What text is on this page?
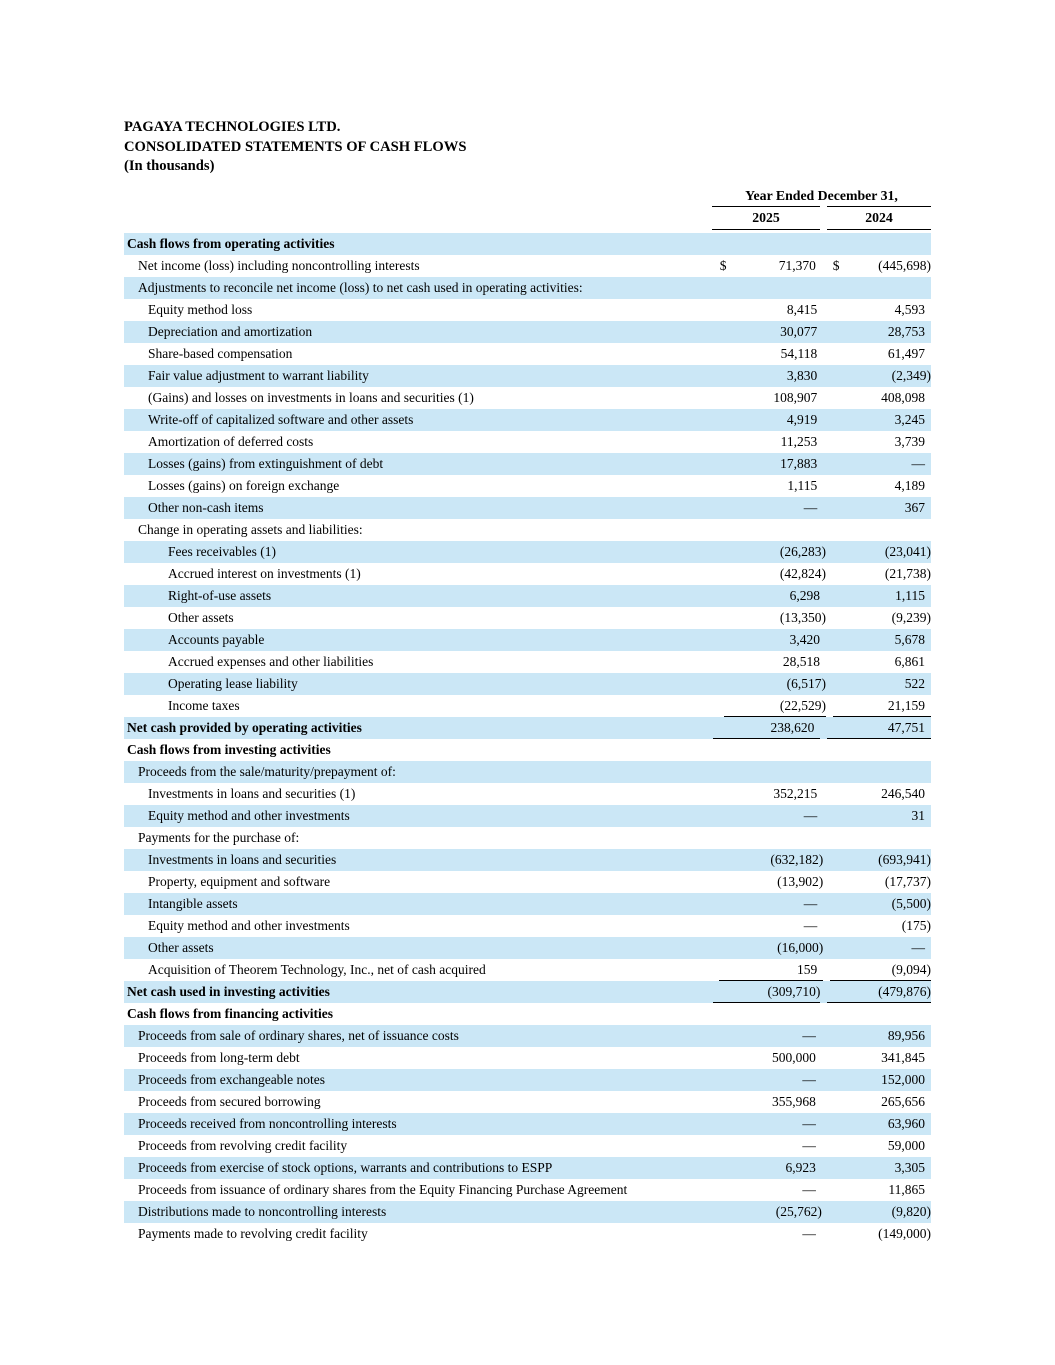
PAGAYA TECHNOLOGIES LTD.
CONSOLIDATED STATEMENTS OF CASH FLOWS
(In thousands)
Year Ended December 31,
2025	2024
Cash flows from operating activities
Net income (loss) including noncontrolling interests	$	71,370	$	(445,698)
Adjustments to reconcile net income (loss) to net cash used in operating activities:
Equity method loss	8,415	4,593
Depreciation and amortization	30,077	28,753
Share-based compensation	54,118	61,497
Fair value adjustment to warrant liability	3,830	(2,349)
(Gains) and losses on investments in loans and securities (1)	108,907	408,098
Write-off of capitalized software and other assets	4,919	3,245
Amortization of deferred costs	11,253	3,739
Losses (gains) from extinguishment of debt	17,883	—
Losses (gains) on foreign exchange	1,115	4,189
Other non-cash items	—	367
Change in operating assets and liabilities:
Fees receivables (1)	(26,283)	(23,041)
Accrued interest on investments (1)	(42,824)	(21,738)
Right-of-use assets	6,298	1,115
Other assets	(13,350)	(9,239)
Accounts payable	3,420	5,678
Accrued expenses and other liabilities	28,518	6,861
Operating lease liability	(6,517)	522
Income taxes	(22,529)	21,159
Net cash provided by operating activities	238,620	47,751
Cash flows from investing activities
Proceeds from the sale/maturity/prepayment of:
Investments in loans and securities (1)	352,215	246,540
Equity method and other investments	—	31
Payments for the purchase of:
Investments in loans and securities	(632,182)	(693,941)
Property, equipment and software	(13,902)	(17,737)
Intangible assets	—	(5,500)
Equity method and other investments	—	(175)
Other assets	(16,000)	—
Acquisition of Theorem Technology, Inc., net of cash acquired	159	(9,094)
Net cash used in investing activities	(309,710)	(479,876)
Cash flows from financing activities
Proceeds from sale of ordinary shares, net of issuance costs	—	89,956
Proceeds from long-term debt	500,000	341,845
Proceeds from exchangeable notes	—	152,000
Proceeds from secured borrowing	355,968	265,656
Proceeds received from noncontrolling interests	—	63,960
Proceeds from revolving credit facility	—	59,000
Proceeds from exercise of stock options, warrants and contributions to ESPP	6,923	3,305
Proceeds from issuance of ordinary shares from the Equity Financing Purchase Agreement	—	11,865
Distributions made to noncontrolling interests	(25,762)	(9,820)
Payments made to revolving credit facility	—	(149,000)
